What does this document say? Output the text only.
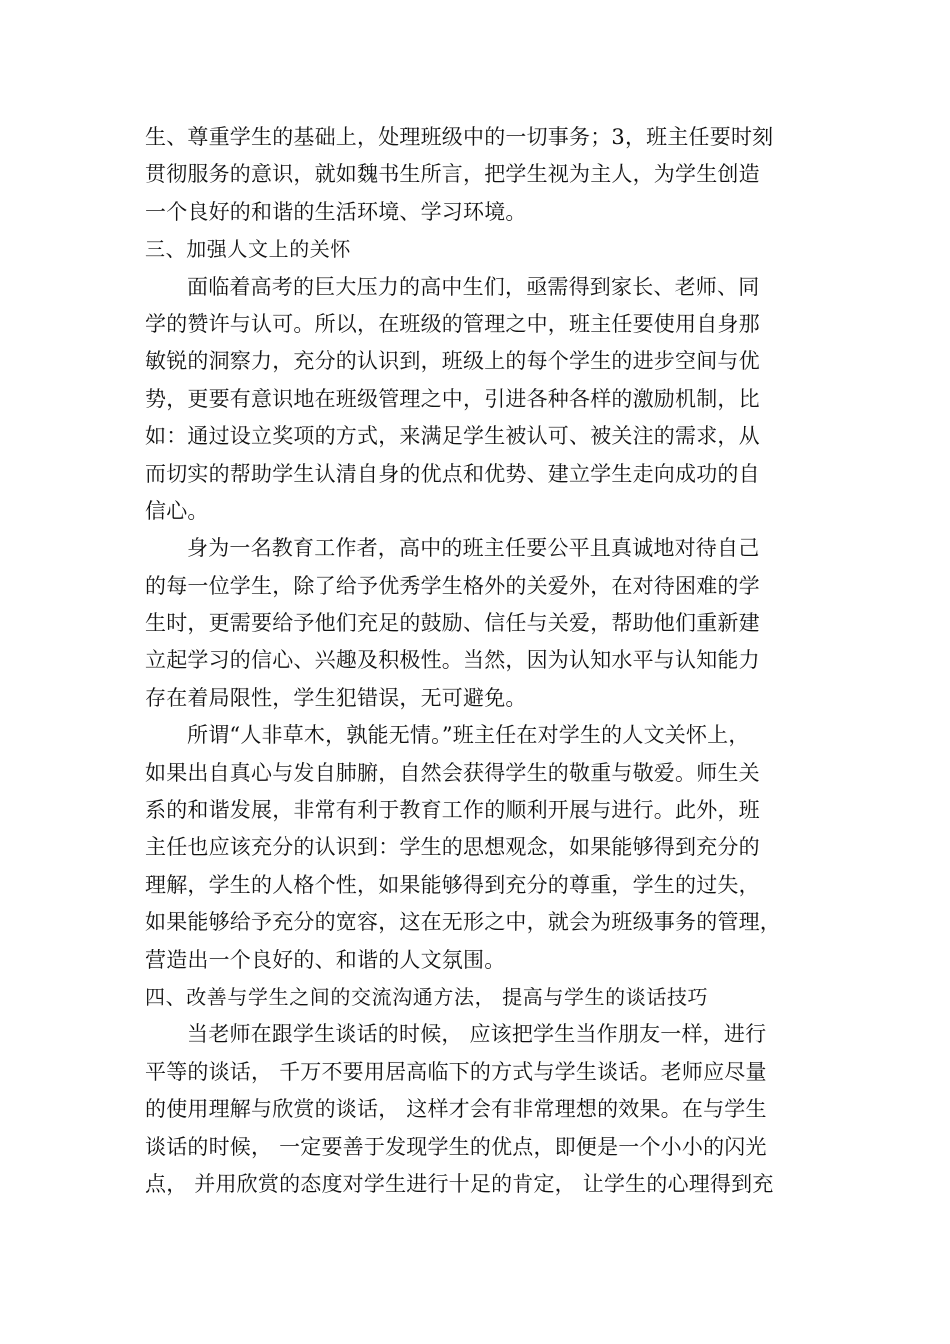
生、尊重学生的基础上，处理班级中的一切事务；3，班主任要时刻
贯彻服务的意识，就如魏书生所言，把学生视为主人，为学生创造
一个良好的和谐的生活环境、学习环境。
三、加强人文上的关怀
面临着高考的巨大压力的高中生们，亟需得到家长、老师、同
学的赞许与认可。所以，在班级的管理之中，班主任要使用自身那
敏锐的洞察力，充分的认识到，班级上的每个学生的进步空间与优
势，更要有意识地在班级管理之中，引进各种各样的激励机制，比
如：通过设立奖项的方式，来满足学生被认可、被关注的需求，从
而切实的帮助学生认清自身的优点和优势、建立学生走向成功的自
信心。
身为一名教育工作者，高中的班主任要公平且真诚地对待自己
的每一位学生，除了给予优秀学生格外的关爱外，在对待困难的学
生时，更需要给予他们充足的鼓励、信任与关爱，帮助他们重新建
立起学习的信心、兴趣及积极性。当然，因为认知水平与认知能力
存在着局限性，学生犯错误，无可避免。
所谓“人非草木，孰能无情。”班主任在对学生的人文关怀上，
如果出自真心与发自肺腑，自然会获得学生的敬重与敬爱。师生关
系的和谐发展，非常有利于教育工作的顺利开展与进行。此外，班
主任也应该充分的认识到：学生的思想观念，如果能够得到充分的
理解，学生的人格个性，如果能够得到充分的尊重，学生的过失，
如果能够给予充分的宽容，这在无形之中，就会为班级事务的管理，
营造出一个良好的、和谐的人文氛围。
四、改善与学生之间的交流沟通方法， 提高与学生的谈话技巧
当老师在跟学生谈话的时候， 应该把学生当作朋友一样，进行
平等的谈话， 千万不要用居高临下的方式与学生谈话。老师应尽量
的使用理解与欣赏的谈话， 这样才会有非常理想的效果。在与学生
谈话的时候， 一定要善于发现学生的优点，即便是一个小小的闪光
点， 并用欣赏的态度对学生进行十足的肯定， 让学生的心理得到充
